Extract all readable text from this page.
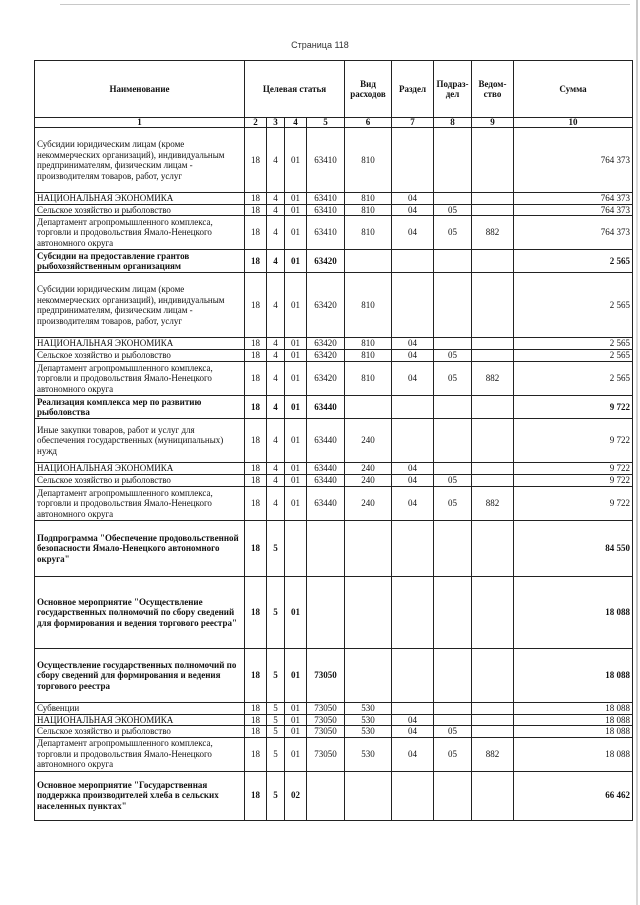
Страница 118
Наименование	Целевая статья				Вид расходов	Раздел	Подраз-дел	Ведом-ство	Сумма
1	2	3	4	5	6	7	8	9	10
Субсидии юридическим лицам (кроме некоммерческих организаций), индивидуальным предпринимателям, физическим лицам - производителям товаров, работ, услуг	18	4	01	63410	810				764 373
НАЦИОНАЛЬНАЯ ЭКОНОМИКА	18	4	01	63410	810	04			764 373
Сельское хозяйство и рыболовство	18	4	01	63410	810	04	05		764 373
Департамент агропромышленного комплекса, торговли и продовольствия Ямало-Ненецкого автономного округа	18	4	01	63410	810	04	05	882	764 373
Субсидии на предоставление грантов рыбохозяйственным организациям	18	4	01	63420					2 565
Субсидии юридическим лицам (кроме некоммерческих организаций), индивидуальным предпринимателям, физическим лицам - производителям товаров, работ, услуг	18	4	01	63420	810				2 565
НАЦИОНАЛЬНАЯ ЭКОНОМИКА	18	4	01	63420	810	04			2 565
Сельское хозяйство и рыболовство	18	4	01	63420	810	04	05		2 565
Департамент агропромышленного комплекса, торговли и продовольствия Ямало-Ненецкого автономного округа	18	4	01	63420	810	04	05	882	2 565
Реализация комплекса мер по развитию рыболовства	18	4	01	63440					9 722
Иные закупки товаров, работ и услуг для обеспечения государственных (муниципальных) нужд	18	4	01	63440	240				9 722
НАЦИОНАЛЬНАЯ ЭКОНОМИКА	18	4	01	63440	240	04			9 722
Сельское хозяйство и рыболовство	18	4	01	63440	240	04	05		9 722
Департамент агропромышленного комплекса, торговли и продовольствия Ямало-Ненецкого автономного округа	18	4	01	63440	240	04	05	882	9 722
Подпрограмма "Обеспечение продовольственной безопасности Ямало-Ненецкого автономного округа"	18	5							84 550
Основное мероприятие "Осуществление государственных полномочий по сбору сведений для формирования и ведения торгового реестра"	18	5	01						18 088
Осуществление государственных полномочий по сбору сведений для формирования и ведения торгового реестра	18	5	01	73050					18 088
Субвенции	18	5	01	73050	530				18 088
НАЦИОНАЛЬНАЯ ЭКОНОМИКА	18	5	01	73050	530	04			18 088
Сельское хозяйство и рыболовство	18	5	01	73050	530	04	05		18 088
Департамент агропромышленного комплекса, торговли и продовольствия Ямало-Ненецкого автономного округа	18	5	01	73050	530	04	05	882	18 088
Основное мероприятие "Государственная поддержка производителей хлеба в сельских населенных пунктах"	18	5	02						66 462
